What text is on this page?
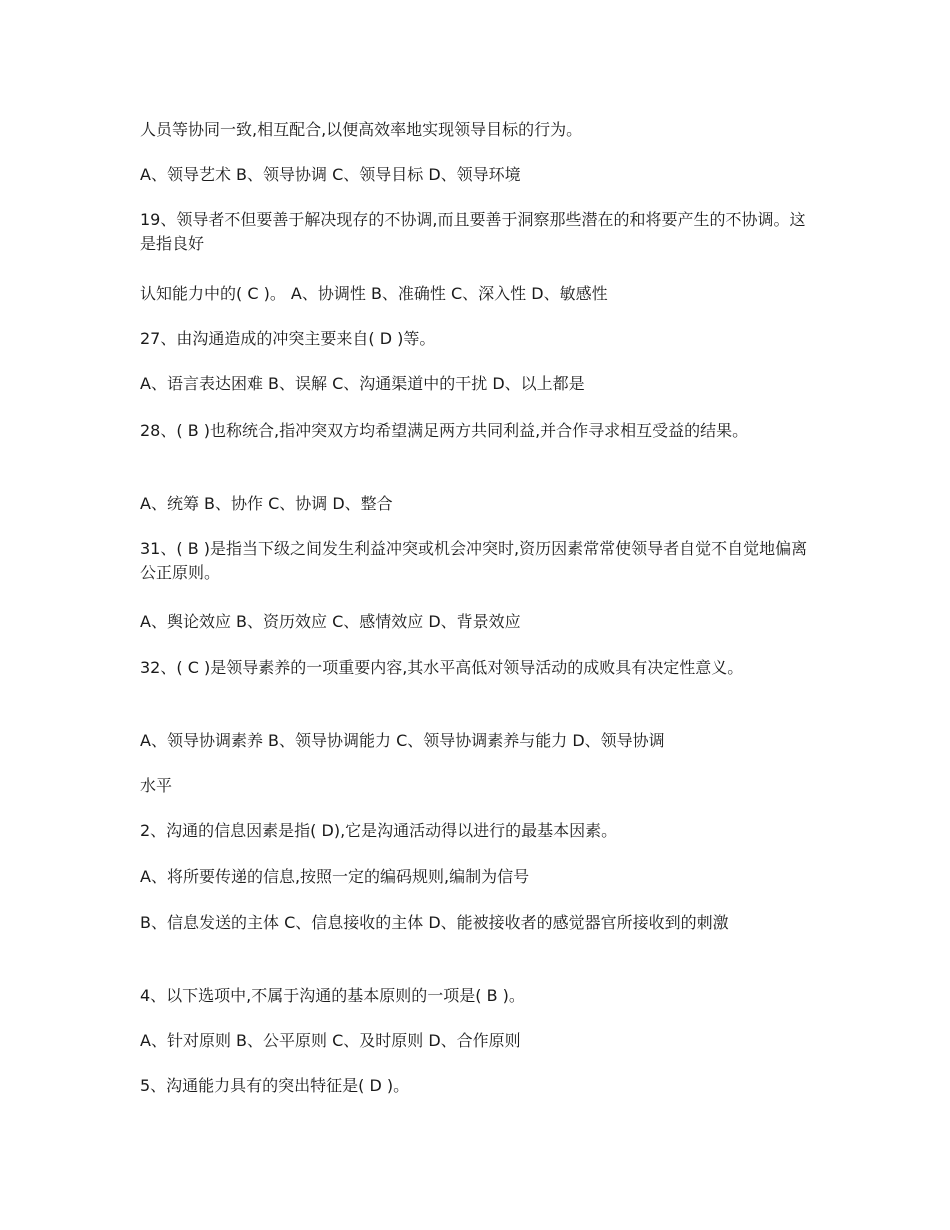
人员等协同一致,相互配合,以便高效率地实现领导目标的行为。
A、领导艺术 B、领导协调 C、领导目标 D、领导环境
19、领导者不但要善于解决现存的不协调,而且要善于洞察那些潜在的和将要产生的不协调。这是指良好
认知能力中的( C )。 A、协调性 B、准确性 C、深入性 D、敏感性
27、由沟通造成的冲突主要来自( D )等。
A、语言表达困难 B、误解 C、沟通渠道中的干扰 D、以上都是
28、( B )也称统合,指冲突双方均希望满足两方共同利益,并合作寻求相互受益的结果。
A、统筹 B、协作 C、协调 D、整合
31、( B )是指当下级之间发生利益冲突或机会冲突时,资历因素常常使领导者自觉不自觉地偏离公正原则。
A、舆论效应 B、资历效应 C、感情效应 D、背景效应
32、( C )是领导素养的一项重要内容,其水平高低对领导活动的成败具有决定性意义。
A、领导协调素养 B、领导协调能力 C、领导协调素养与能力 D、领导协调
水平
2、沟通的信息因素是指( D),它是沟通活动得以进行的最基本因素。
A、将所要传递的信息,按照一定的编码规则,编制为信号
B、信息发送的主体 C、信息接收的主体 D、能被接收者的感觉器官所接收到的刺激
4、以下选项中,不属于沟通的基本原则的一项是( B )。
A、针对原则 B、公平原则 C、及时原则 D、合作原则
5、沟通能力具有的突出特征是( D )。
